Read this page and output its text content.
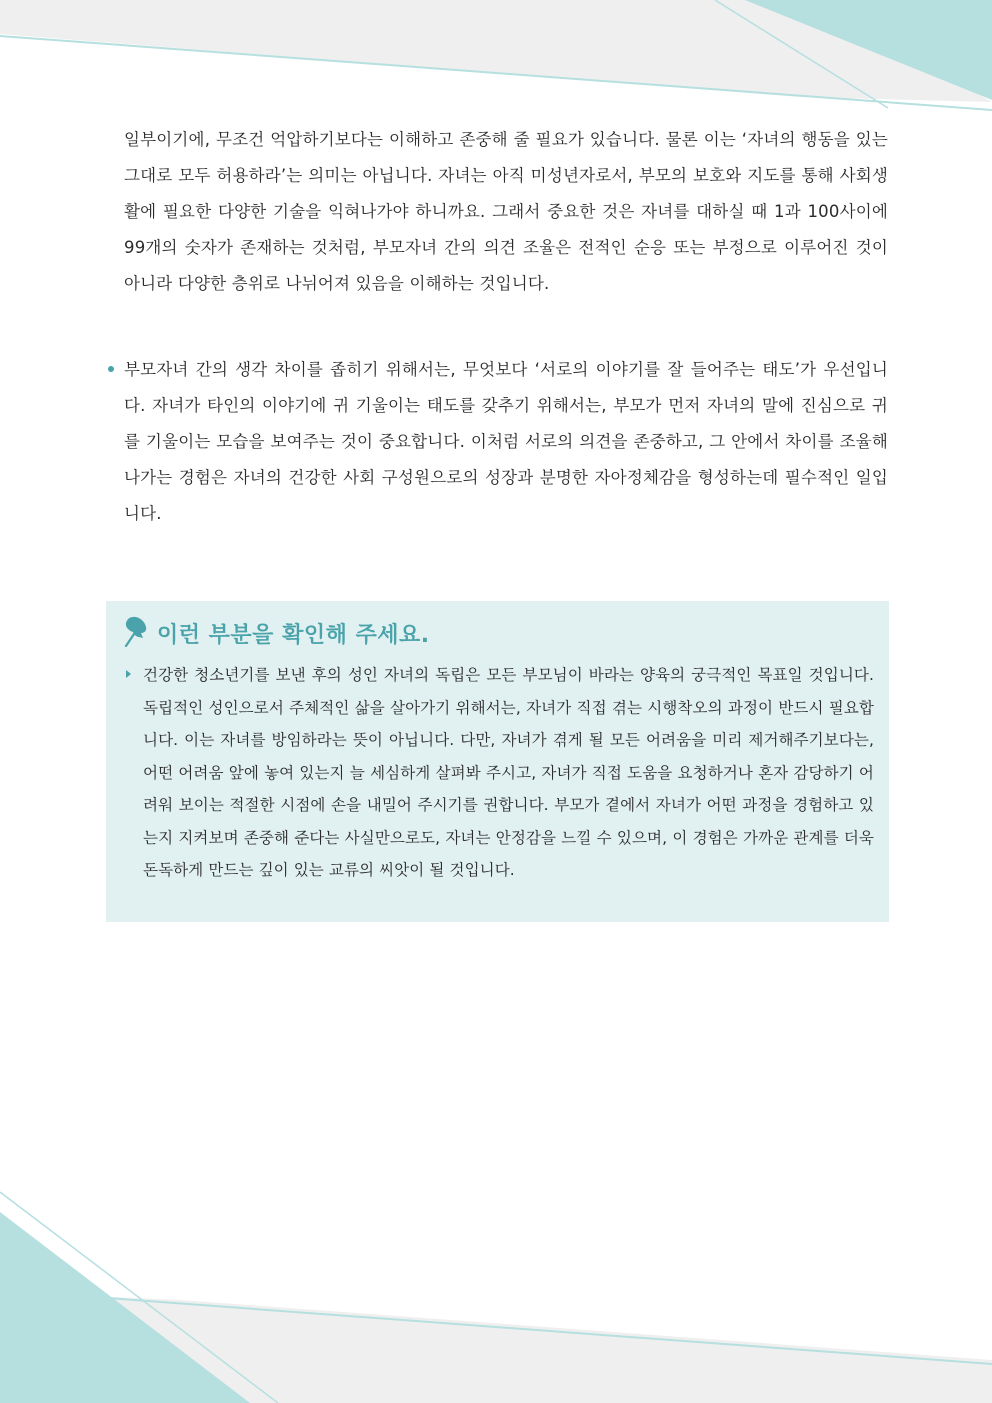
일부이기에, 무조건 억압하기보다는 이해하고 존중해 줄 필요가 있습니다. 물론 이는 ‘자녀의 행동을 있는 그대로 모두 허용하라’는 의미는 아닙니다. 자녀는 아직 미성년자로서, 부모의 보호와 지도를 통해 사회생활에 필요한 다양한 기술을 익혀나가야 하니까요. 그래서 중요한 것은 자녀를 대하실 때 1과 100사이에 99개의 숫자가 존재하는 것처럼, 부모자녀 간의 의견 조율은 전적인 순응 또는 부정으로 이루어진 것이 아니라 다양한 층위로 나뉘어져 있음을 이해하는 것입니다.

부모자녀 간의 생각 차이를 좁히기 위해서는, 무엇보다 ‘서로의 이야기를 잘 들어주는 태도’가 우선입니다. 자녀가 타인의 이야기에 귀 기울이는 태도를 갖추기 위해서는, 부모가 먼저 자녀의 말에 진심으로 귀를 기울이는 모습을 보여주는 것이 중요합니다. 이처럼 서로의 의견을 존중하고, 그 안에서 차이를 조율해 나가는 경험은 자녀의 건강한 사회 구성원으로의 성장과 분명한 자아정체감을 형성하는데 필수적인 일입니다.

이런 부분을 확인해 주세요.

건강한 청소년기를 보낸 후의 성인 자녀의 독립은 모든 부모님이 바라는 양육의 궁극적인 목표일 것입니다. 독립적인 성인으로서 주체적인 삶을 살아가기 위해서는, 자녀가 직접 겪는 시행착오의 과정이 반드시 필요합니다. 이는 자녀를 방임하라는 뜻이 아닙니다. 다만, 자녀가 겪게 될 모든 어려움을 미리 제거해주기보다는, 어떤 어려움 앞에 놓여 있는지 늘 세심하게 살펴봐 주시고, 자녀가 직접 도움을 요청하거나 혼자 감당하기 어려워 보이는 적절한 시점에 손을 내밀어 주시기를 권합니다. 부모가 곁에서 자녀가 어떤 과정을 경험하고 있는지 지켜보며 존중해 준다는 사실만으로도, 자녀는 안정감을 느낄 수 있으며, 이 경험은 가까운 관계를 더욱 돈독하게 만드는 깊이 있는 교류의 씨앗이 될 것입니다.
